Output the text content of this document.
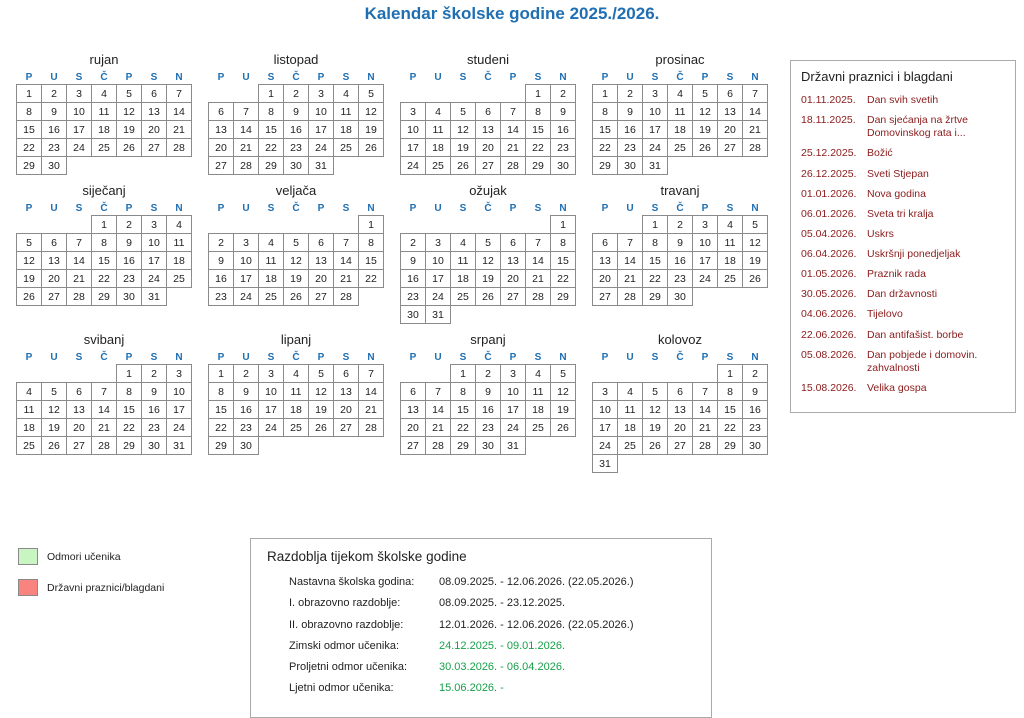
Kalendar školske godine 2025./2026.
rujan
P	U	S	Č	P	S	N
1	2	3	4	5	6	7
8	9	10	11	12	13	14
15	16	17	18	19	20	21
22	23	24	25	26	27	28
29	30					
listopad
P	U	S	Č	P	S	N
		1	2	3	4	5
6	7	8	9	10	11	12
13	14	15	16	17	18	19
20	21	22	23	24	25	26
27	28	29	30	31		
studeni
P	U	S	Č	P	S	N
					1	2
3	4	5	6	7	8	9
10	11	12	13	14	15	16
17	18	19	20	21	22	23
24	25	26	27	28	29	30
prosinac
P	U	S	Č	P	S	N
1	2	3	4	5	6	7
8	9	10	11	12	13	14
15	16	17	18	19	20	21
22	23	24	25	26	27	28
29	30	31				
siječanj
P	U	S	Č	P	S	N
			1	2	3	4
5	6	7	8	9	10	11
12	13	14	15	16	17	18
19	20	21	22	23	24	25
26	27	28	29	30	31	
veljača
P	U	S	Č	P	S	N
						1
2	3	4	5	6	7	8
9	10	11	12	13	14	15
16	17	18	19	20	21	22
23	24	25	26	27	28	
ožujak
P	U	S	Č	P	S	N
						1
2	3	4	5	6	7	8
9	10	11	12	13	14	15
16	17	18	19	20	21	22
23	24	25	26	27	28	29
30	31					
travanj
P	U	S	Č	P	S	N
		1	2	3	4	5
6	7	8	9	10	11	12
13	14	15	16	17	18	19
20	21	22	23	24	25	26
27	28	29	30			
svibanj
P	U	S	Č	P	S	N
				1	2	3
4	5	6	7	8	9	10
11	12	13	14	15	16	17
18	19	20	21	22	23	24
25	26	27	28	29	30	31
lipanj
P	U	S	Č	P	S	N
1	2	3	4	5	6	7
8	9	10	11	12	13	14
15	16	17	18	19	20	21
22	23	24	25	26	27	28
29	30					
srpanj
P	U	S	Č	P	S	N
		1	2	3	4	5
6	7	8	9	10	11	12
13	14	15	16	17	18	19
20	21	22	23	24	25	26
27	28	29	30	31		
kolovoz
P	U	S	Č	P	S	N
					1	2
3	4	5	6	7	8	9
10	11	12	13	14	15	16
17	18	19	20	21	22	23
24	25	26	27	28	29	30
31						
Državni praznici i blagdani
01.11.2025.	Dan svih svetih
18.11.2025.	Dan sjećanja na žrtve Domovinskog rata i...
25.12.2025.	Božić
26.12.2025.	Sveti Stjepan
01.01.2026.	Nova godina
06.01.2026.	Sveta tri kralja
05.04.2026.	Uskrs
06.04.2026.	Uskršnji ponedjeljak
01.05.2026.	Praznik rada
30.05.2026.	Dan državnosti
04.06.2026.	Tijelovo
22.06.2026.	Dan antifašist. borbe
05.08.2026.	Dan pobjede i domovin. zahvalnosti
15.08.2026.	Velika gospa
Odmori učenika
Državni praznici/blagdani
Razdoblja tijekom školske godine
Nastavna školska godina:	08.09.2025. - 12.06.2026. (22.05.2026.)
I. obrazovno razdoblje:	08.09.2025. - 23.12.2025.
II. obrazovno razdoblje:	12.01.2026. - 12.06.2026. (22.05.2026.)
Zimski odmor učenika:	24.12.2025. - 09.01.2026.
Proljetni odmor učenika:	30.03.2026. - 06.04.2026.
Ljetni odmor učenika:	15.06.2026. -
